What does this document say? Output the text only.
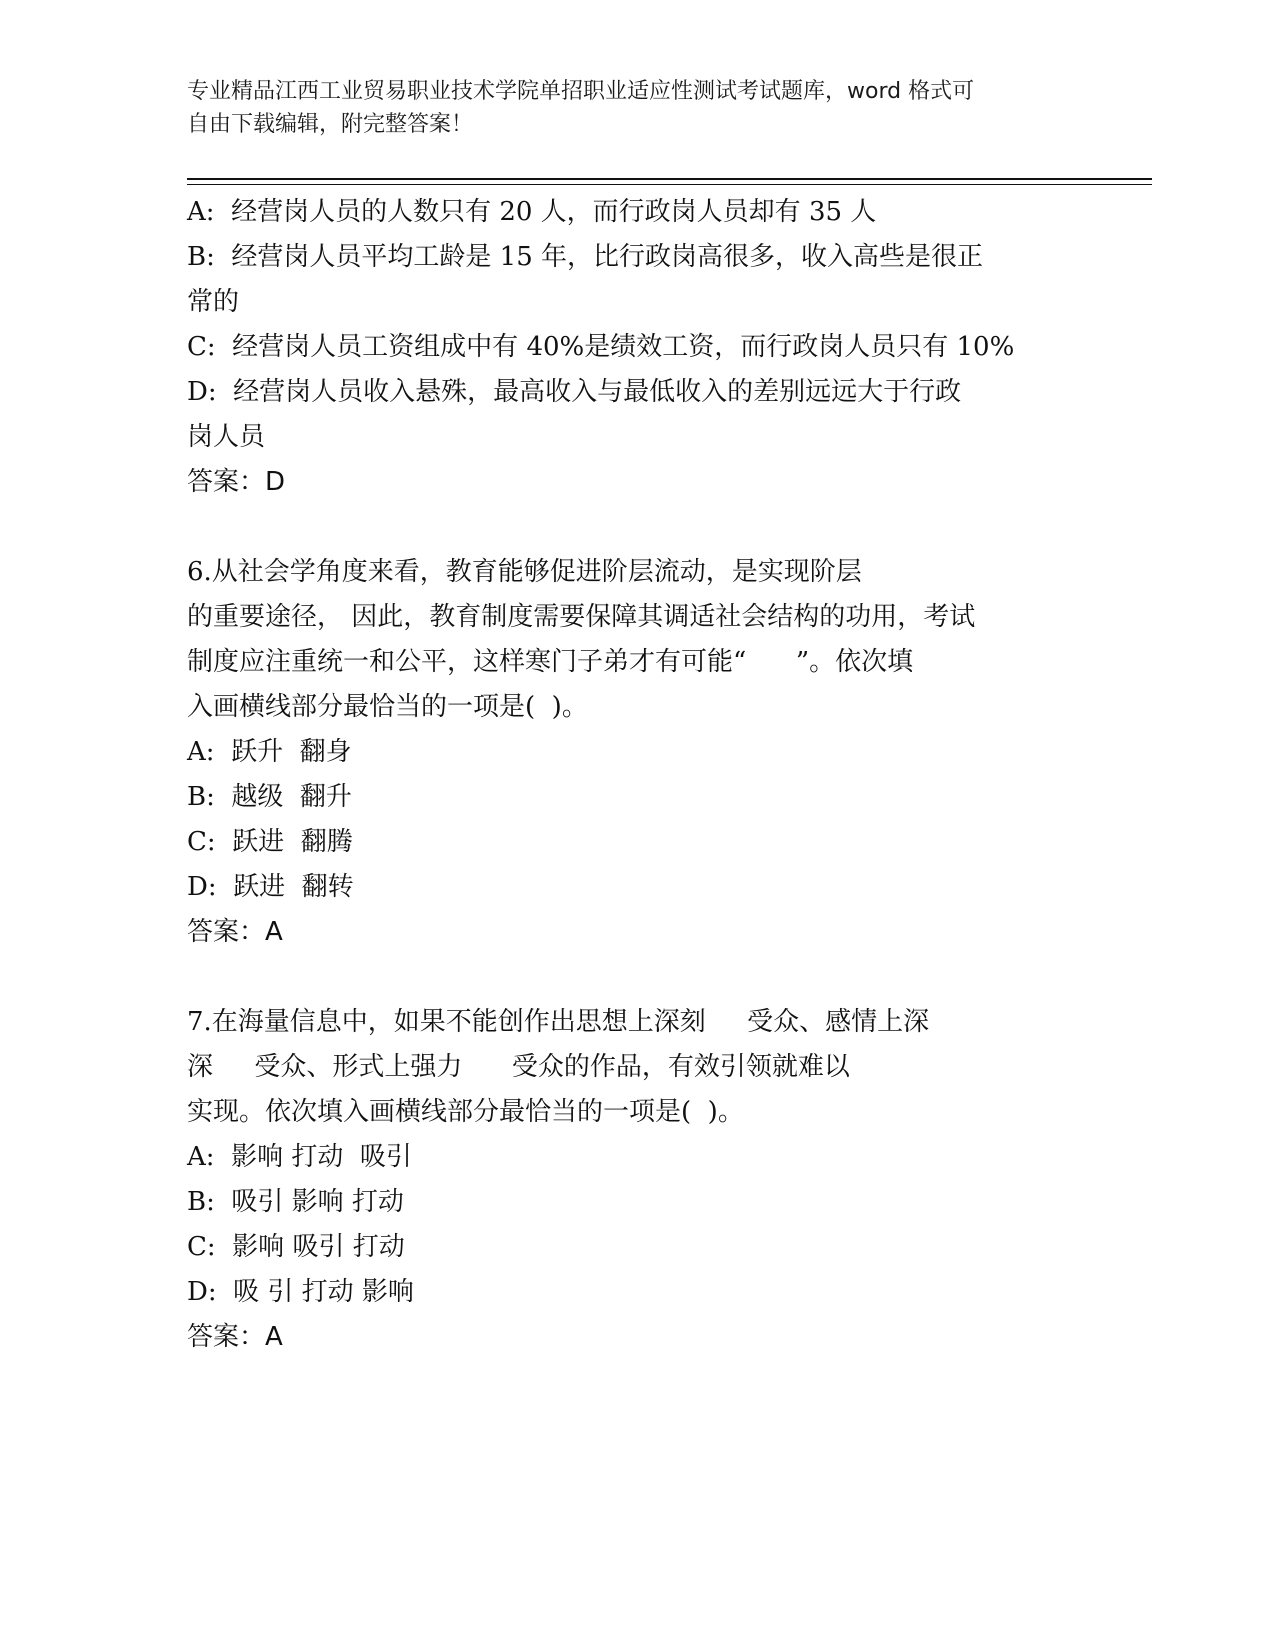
专业精品江西工业贸易职业技术学院单招职业适应性测试考试题库，word 格式可
自由下载编辑，附完整答案！

A:  经营岗人员的人数只有 20 人，而行政岗人员却有 35 人

B:  经营岗人员平均工龄是 15 年，比行政岗高很多，收入高些是很正

常的

C:  经营岗人员工资组成中有 40%是绩效工资，而行政岗人员只有 10%

D:  经营岗人员收入悬殊，最高收入与最低收入的差别远远大于行政

岗人员

答案：D

6.从社会学角度来看，教育能够促进阶层流动，是实现阶层

的重要途径， 因此，教育制度需要保障其调适社会结构的功用，考试

制度应注重统一和公平，这样寒门子弟才有可能“      ”。依次填

入画横线部分最恰当的一项是(  )。

A:  跃升  翻身

B:  越级  翻升

C:  跃进  翻腾

D:  跃进  翻转

答案：A

7.在海量信息中，如果不能创作出思想上深刻     受众、感情上深

深     受众、形式上强力      受众的作品，有效引领就难以

实现。依次填入画横线部分最恰当的一项是(  )。

A:  影响 打动  吸引

B:  吸引 影响 打动

C:  影响 吸引 打动

D:  吸 引 打动 影响

答案：A
